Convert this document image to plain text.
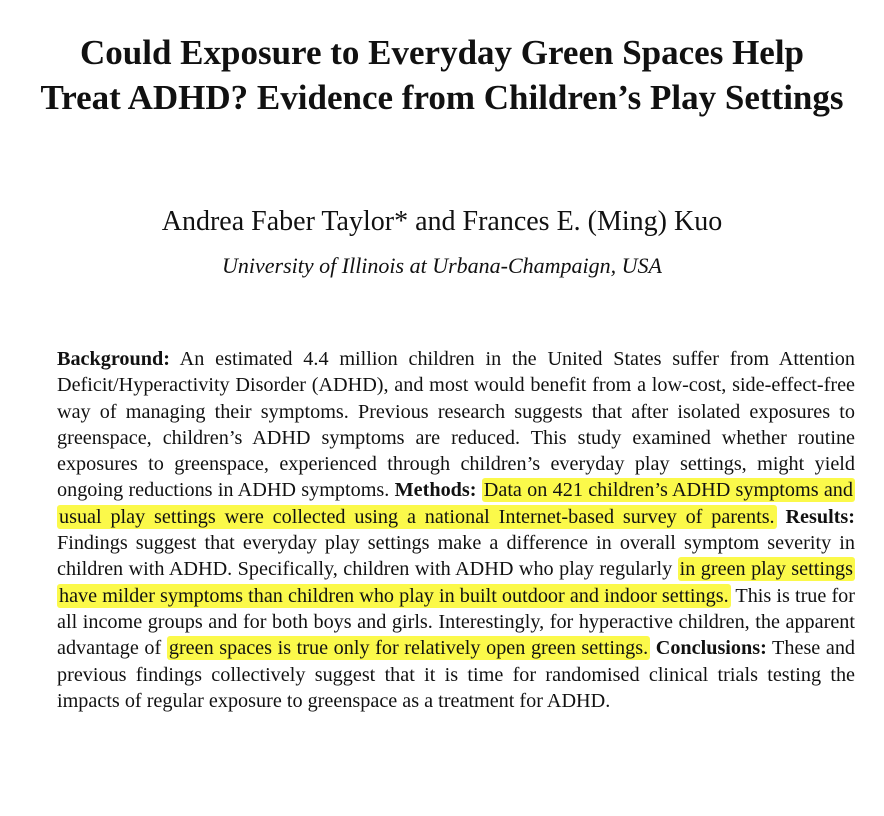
Could Exposure to Everyday Green Spaces Help Treat ADHD? Evidence from Children’s Play Settings
Andrea Faber Taylor* and Frances E. (Ming) Kuo
University of Illinois at Urbana-Champaign, USA

Background: An estimated 4.4 million children in the United States suffer from Attention Deficit/Hyperactivity Disorder (ADHD), and most would benefit from a low-cost, side-effect-free way of managing their symptoms. Previous research suggests that after isolated exposures to greenspace, children’s ADHD symptoms are reduced. This study examined whether routine exposures to greenspace, experienced through children’s everyday play settings, might yield ongoing reductions in ADHD symptoms. Methods: Data on 421 children’s ADHD symptoms and usual play settings were collected using a national Internet-based survey of parents. Results: Findings suggest that everyday play settings make a difference in overall symptom severity in children with ADHD. Specifically, children with ADHD who play regularly in green play settings have milder symptoms than children who play in built outdoor and indoor settings. This is true for all income groups and for both boys and girls. Interestingly, for hyperactive children, the apparent advantage of green spaces is true only for relatively open green settings. Conclusions: These and previous findings collectively suggest that it is time for randomised clinical trials testing the impacts of regular exposure to greenspace as a treatment for ADHD.
